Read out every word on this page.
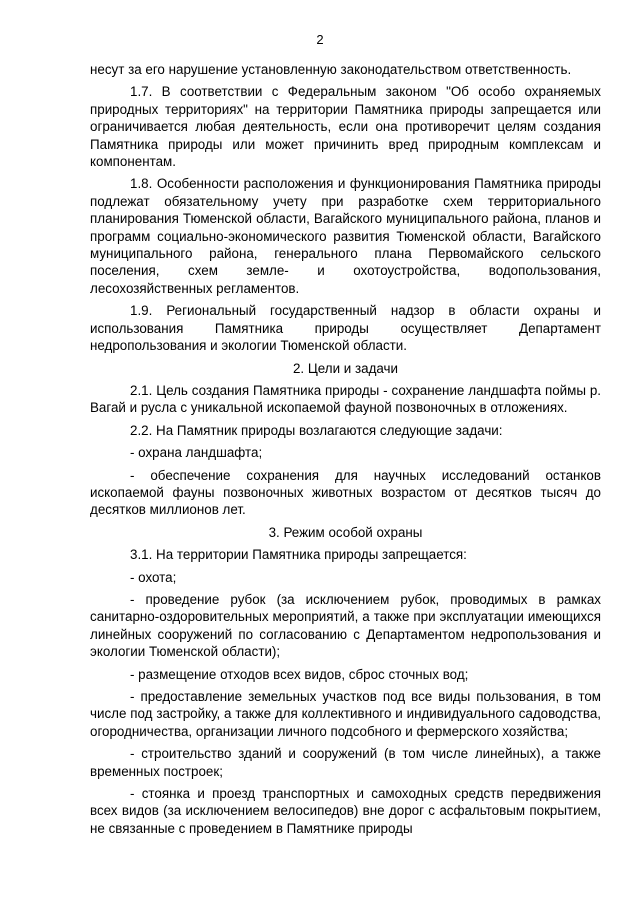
2

несут за его нарушение установленную законодательством ответственность.

1.7. В соответствии с Федеральным законом "Об особо охраняемых природных территориях" на территории Памятника природы запрещается или ограничивается любая деятельность, если она противоречит целям создания Памятника природы или может причинить вред природным комплексам и компонентам.

1.8. Особенности расположения и функционирования Памятника природы подлежат обязательному учету при разработке схем территориального планирования Тюменской области, Вагайского муниципального района, планов и программ социально-экономического развития Тюменской области, Вагайского муниципального района, генерального плана Первомайского сельского поселения, схем земле- и охотоустройства, водопользования, лесохозяйственных регламентов.

1.9. Региональный государственный надзор в области охраны и использования Памятника природы осуществляет Департамент недропользования и экологии Тюменской области.

2. Цели и задачи

2.1. Цель создания Памятника природы - сохранение ландшафта поймы р. Вагай и русла с уникальной ископаемой фауной позвоночных в отложениях.

2.2. На Памятник природы возлагаются следующие задачи:

- охрана ландшафта;

- обеспечение сохранения для научных исследований останков ископаемой фауны позвоночных животных возрастом от десятков тысяч до десятков миллионов лет.

3. Режим особой охраны

3.1. На территории Памятника природы запрещается:

- охота;

- проведение рубок (за исключением рубок, проводимых в рамках санитарно-оздоровительных мероприятий, а также при эксплуатации имеющихся линейных сооружений по согласованию с Департаментом недропользования и экологии Тюменской области);

- размещение отходов всех видов, сброс сточных вод;

- предоставление земельных участков под все виды пользования, в том числе под застройку, а также для коллективного и индивидуального садоводства, огородничества, организации личного подсобного и фермерского хозяйства;

- строительство зданий и сооружений (в том числе линейных), а также временных построек;

- стоянка и проезд транспортных и самоходных средств передвижения всех видов (за исключением велосипедов) вне дорог с асфальтовым покрытием, не связанные с проведением в Памятнике природы
